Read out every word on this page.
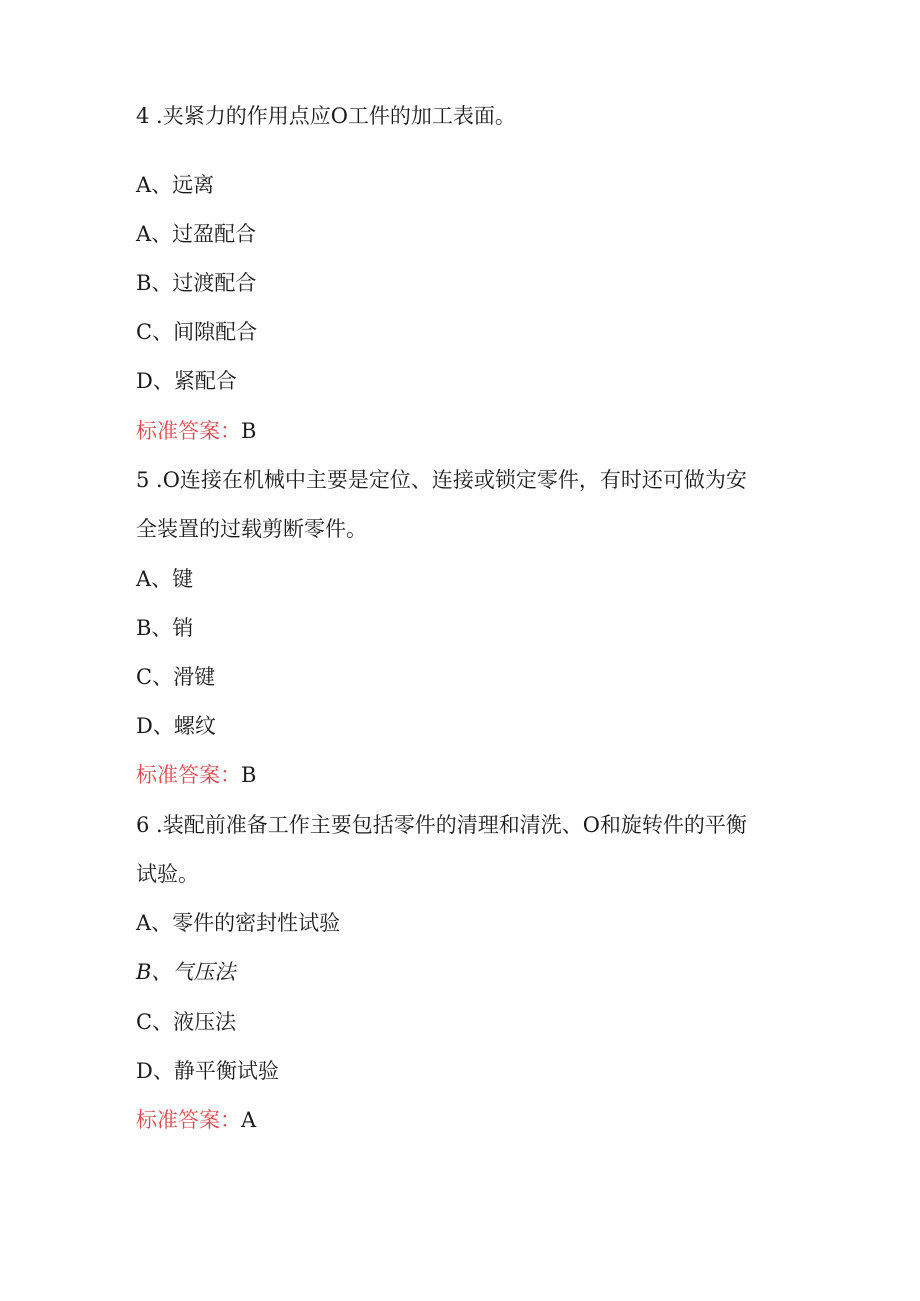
4 .夹紧力的作用点应O工件的加工表面。
A、远离
A、过盈配合
B、过渡配合
C、间隙配合
D、紧配合
标准答案：B
5 .O连接在机械中主要是定位、连接或锁定零件，有时还可做为安
全装置的过载剪断零件。
A、键
B、销
C、滑键
D、螺纹
标准答案：B
6 .装配前准备工作主要包括零件的清理和清洗、O和旋转件的平衡
试验。
A、零件的密封性试验
B、气压法
C、液压法
D、静平衡试验
标准答案：A
